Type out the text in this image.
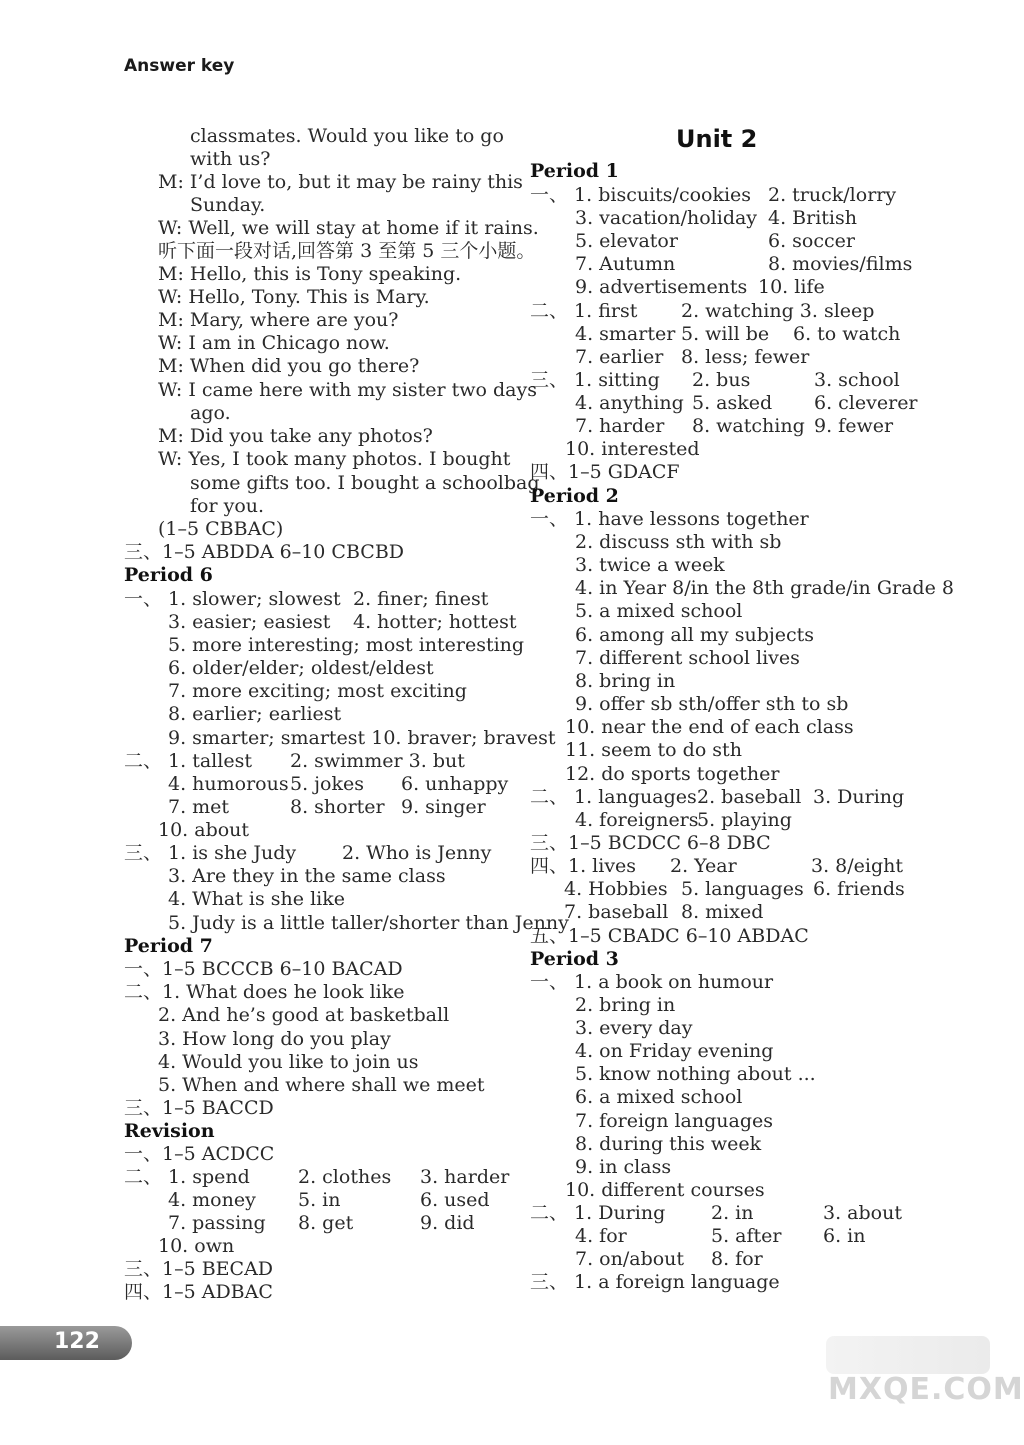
Answer key
Unit 2
classmates. Would you like to go
with us?
M: I’d love to, but it may be rainy this
Sunday.
W: Well, we will stay at home if it rains.
听下面一段对话,回答第 3 至第 5 三个小题。
M: Hello, this is Tony speaking.
W: Hello, Tony. This is Mary.
M: Mary, where are you?
W: I am in Chicago now.
M: When did you go there?
W: I came here with my sister two days
ago.
M: Did you take any photos?
W: Yes, I took many photos. I bought
some gifts too. I bought a schoolbag
for you.
(1–5 CBBAC)
三、1–5 ABDDA 6–10 CBCBD
Period 6
一、 1. slower; slowest 2. finer; finest
3. easier; easiest 4. hotter; hottest
5. more interesting; most interesting
6. older/elder; oldest/eldest
7. more exciting; most exciting
8. earlier; earliest
9. smarter; smartest 10. braver; bravest
二、 1. tallest 2. swimmer 3. but
4. humorous 5. jokes 6. unhappy
7. met	8. shorter 9. singer
10. about
三、 1. is she Judy 2. Who is Jenny
3. Are they in the same class
4. What is she like
5. Judy is a little taller/shorter than Jenny
Period 7
一、1–5 BCCCB 6–10 BACAD
二、1. What does he look like
2. And he’s good at basketball
3. How long do you play
4. Would you like to join us
5. When and where shall we meet
三、1–5 BACCD
Revision
一、1–5 ACDCC
二、 1. spend	2. clothes 3. harder
4. money 5. in	6. used
7. passing 8. get	9. did
10. own
三、1–5 BECAD
四、1–5 ADBAC
Period 1
一、 1. biscuits/cookies 2. truck/lorry
3. vacation/holiday 4. British
5. elevator	6. soccer
7. Autumn	8. movies/films
9. advertisements 10. life
二、 1. first 2. watching 3. sleep
4. smarter 5. will be 6. to watch
7. earlier 8. less; fewer
三、 1. sitting 2. bus	3. school
4. anything 5. asked 6. cleverer
7. harder 8. watching 9. fewer
10. interested
四、1–5 GDACF
Period 2
一、 1. have lessons together
2. discuss sth with sb
3. twice a week
4. in Year 8/in the 8th grade/in Grade 8
5. a mixed school
6. among all my subjects
7. different school lives
8. bring in
9. offer sb sth/offer sth to sb
10. near the end of each class
11. seem to do sth
12. do sports together
二、 1. languages 2. baseball 3. During
4. foreigners
5. playing
三、1–5 BCDCC 6–8 DBC
四、1. lives 2. Year	3. 8/eight
4. Hobbies 5. languages 6. friends
7. baseball 8. mixed
五、1–5 CBADC 6–10 ABDAC
Period 3
一、 1. a book on humour
2. bring in
3. every day
4. on Friday evening
5. know nothing about ...
6. a mixed school
7. foreign languages
8. during this week
9. in class
10. different courses
二、 1. During 2. in	3. about
4. for	5. after 6. in
7. on/about 8. for
三、 1. a foreign language
122
MXQE.COM
